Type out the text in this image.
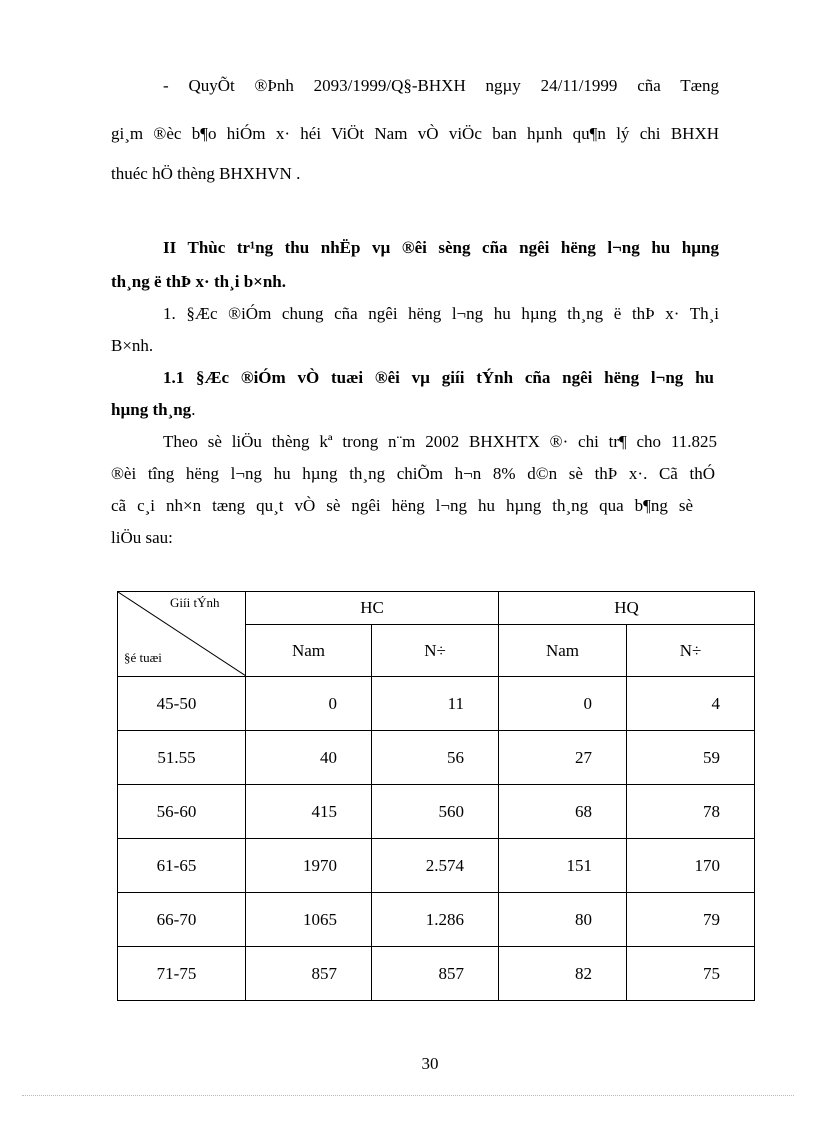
- QuyÕt ®Þnh 2093/1999/Q§-BHXH ngµy 24/11/1999 cña Tæng
gi¸m ®èc b¶o hiÓm x· héi ViÖt Nam vÒ viÖc ban hµnh qu¶n lý chi BHXH
thuéc hÖ thèng BHXHVN .
II Thùc tr¹ng thu nhËp vµ ®êi sèng cña ngêi hëng l¬ng hu hµng
th¸ng ë thÞ x· th¸i b×nh.
1. §Æc ®iÓm chung cña ngêi hëng l¬ng hu hµng th¸ng ë thÞ x· Th¸i
B×nh.
1.1 §Æc ®iÓm vÒ tuæi ®êi vµ giíi tÝnh cña ngêi hëng l¬ng hu
hµng th¸ng.
Theo sè liÖu thèng kª trong n¨m 2002 BHXHTX ®· chi tr¶ cho 11.825
®èi tîng hëng l¬ng hu hµng th¸ng chiÕm h¬n 8% d©n sè thÞ x·. Cã thÓ
cã c¸i nh×n tæng qu¸t vÒ sè ngêi hëng l¬ng hu hµng th¸ng qua b¶ng sè
liÖu sau:
Giíi tÝnh
§é tuæi	HC		HQ	
	Nam	N÷	Nam	N÷
45-50	0	11	0	4
51.55	40	56	27	59
56-60	415	560	68	78
61-65	1970	2.574	151	170
66-70	1065	1.286	80	79
71-75	857	857	82	75
30
